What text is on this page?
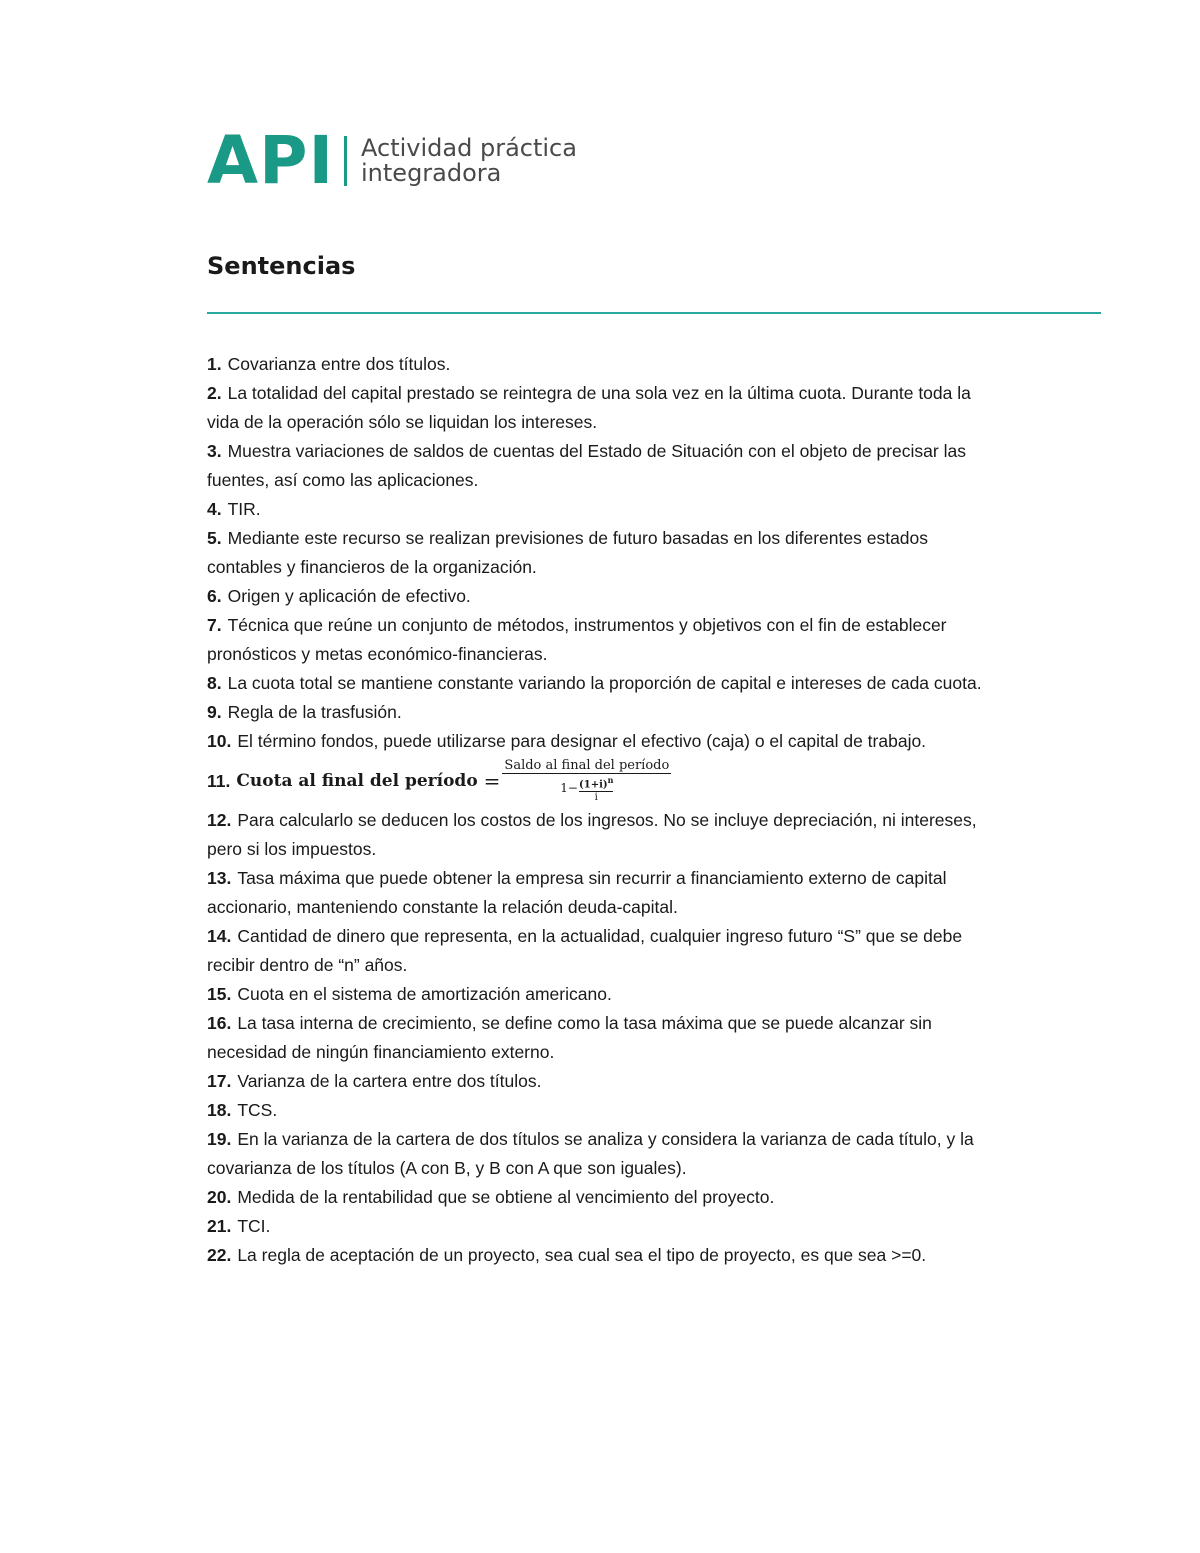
API Actividad práctica
integradora
Sentencias
1. Covarianza entre dos títulos.
2. La totalidad del capital prestado se reintegra de una sola vez en la última cuota. Durante toda la vida de la operación sólo se liquidan los intereses.
3. Muestra variaciones de saldos de cuentas del Estado de Situación con el objeto de precisar las fuentes, así como las aplicaciones.
4. TIR.
5. Mediante este recurso se realizan previsiones de futuro basadas en los diferentes estados contables y financieros de la organización.
6. Origen y aplicación de efectivo.
7. Técnica que reúne un conjunto de métodos, instrumentos y objetivos con el fin de establecer pronósticos y metas económico-financieras.
8. La cuota total se mantiene constante variando la proporción de capital e intereses de cada cuota.
9. Regla de la trasfusión.
10. El término fondos, puede utilizarse para designar el efectivo (caja) o el capital de trabajo.
11. Cuota al final del período = $\frac{\text{Saldo al final del período}}{1- \frac{(1+i)^n}{i}}$
12. Para calcularlo se deducen los costos de los ingresos. No se incluye depreciación, ni intereses, pero si los impuestos.
13. Tasa máxima que puede obtener la empresa sin recurrir a financiamiento externo de capital accionario, manteniendo constante la relación deuda-capital.
14. Cantidad de dinero que representa, en la actualidad, cualquier ingreso futuro “S” que se debe recibir dentro de “n” años.
15. Cuota en el sistema de amortización americano.
16. La tasa interna de crecimiento, se define como la tasa máxima que se puede alcanzar sin necesidad de ningún financiamiento externo.
17. Varianza de la cartera entre dos títulos.
18. TCS.
19. En la varianza de la cartera de dos títulos se analiza y considera la varianza de cada título, y la covarianza de los títulos (A con B, y B con A que son iguales).
20. Medida de la rentabilidad que se obtiene al vencimiento del proyecto.
21. TCI.
22. La regla de aceptación de un proyecto, sea cual sea el tipo de proyecto, es que sea >=0.
